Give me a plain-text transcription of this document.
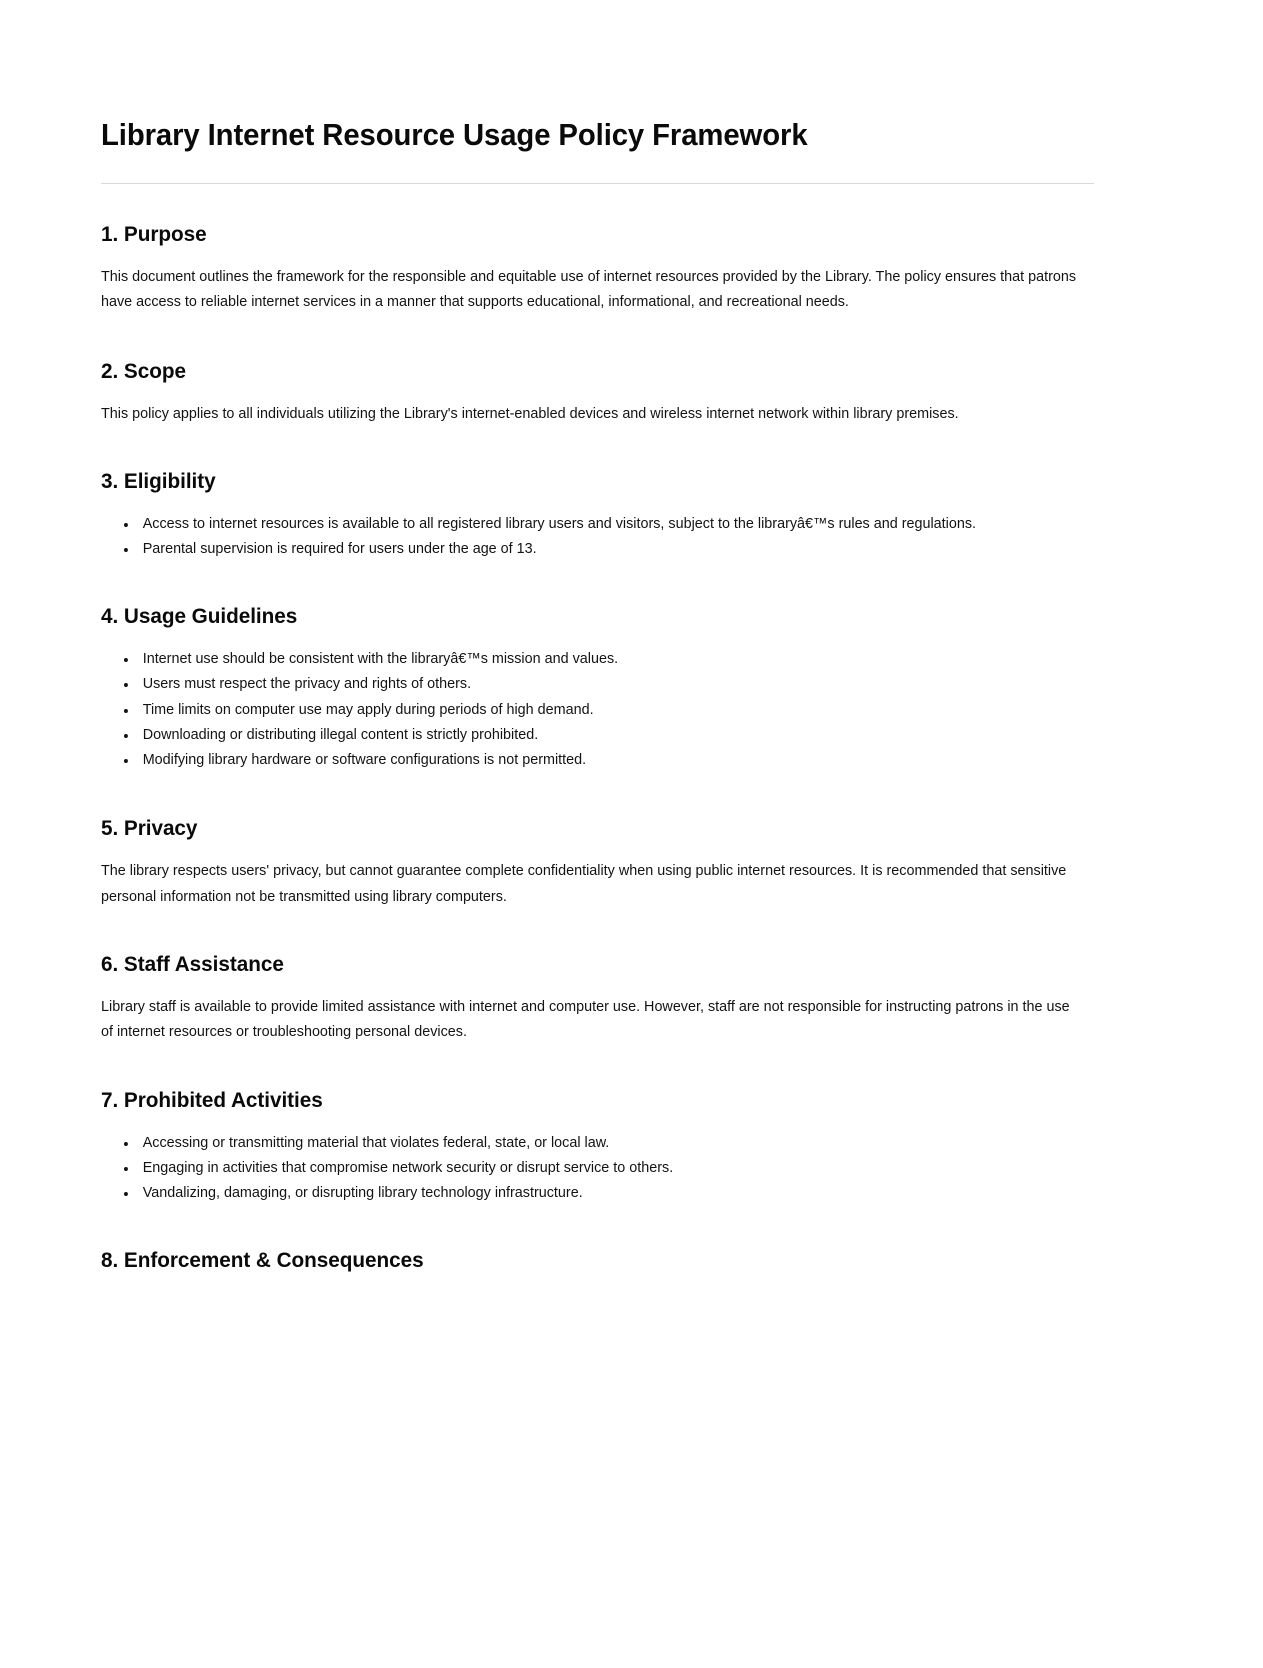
Library Internet Resource Usage Policy Framework
1. Purpose

This document outlines the framework for the responsible and equitable use of internet resources provided by the Library. The policy ensures that patrons have access to reliable internet services in a manner that supports educational, informational, and recreational needs.

2. Scope

This policy applies to all individuals utilizing the Library's internet-enabled devices and wireless internet network within library premises.

3. Eligibility
Access to internet resources is available to all registered library users and visitors, subject to the libraryâ€™s rules and regulations.
Parental supervision is required for users under the age of 13.
4. Usage Guidelines
Internet use should be consistent with the libraryâ€™s mission and values.
Users must respect the privacy and rights of others.
Time limits on computer use may apply during periods of high demand.
Downloading or distributing illegal content is strictly prohibited.
Modifying library hardware or software configurations is not permitted.
5. Privacy

The library respects users' privacy, but cannot guarantee complete confidentiality when using public internet resources. It is recommended that sensitive personal information not be transmitted using library computers.

6. Staff Assistance

Library staff is available to provide limited assistance with internet and computer use. However, staff are not responsible for instructing patrons in the use of internet resources or troubleshooting personal devices.

7. Prohibited Activities
Accessing or transmitting material that violates federal, state, or local law.
Engaging in activities that compromise network security or disrupt service to others.
Vandalizing, damaging, or disrupting library technology infrastructure.
8. Enforcement & Consequences
